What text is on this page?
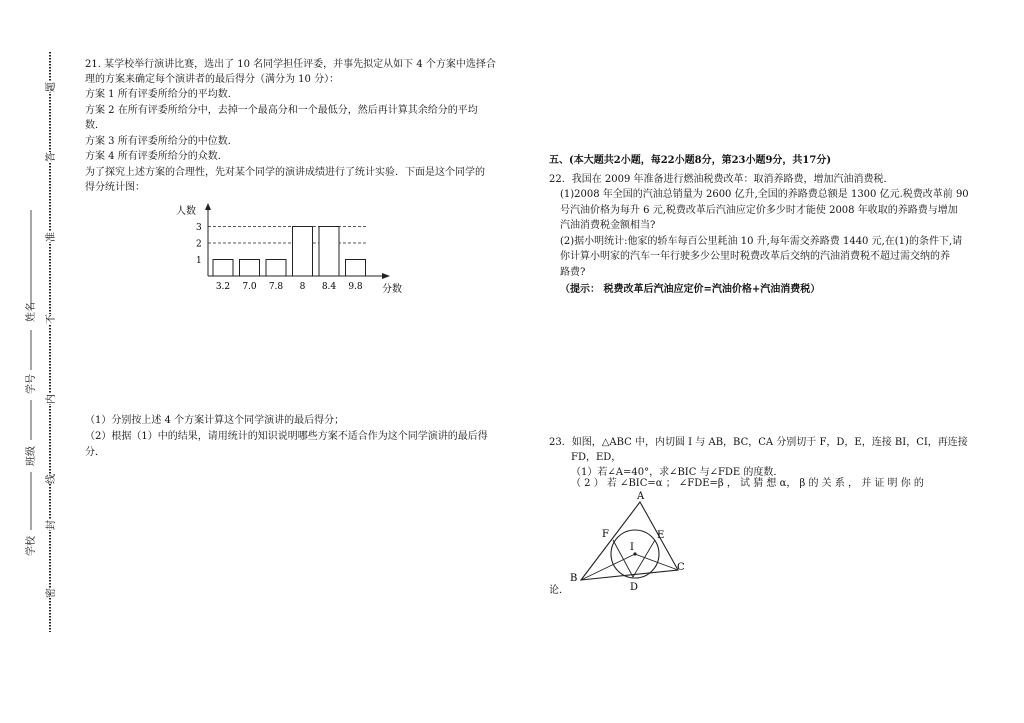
题
答
准
不
内
线
封
密
学校
班级
学号
姓名
21. 某学校举行演讲比赛，选出了 10 名同学担任评委，并事先拟定从如下 4 个方案中选择合
理的方案来确定每个演讲者的最后得分（满分为 10 分）：
方案 1 所有评委所给分的平均数．
方案 2 在所有评委所给分中，去掉一个最高分和一个最低分，然后再计算其余给分的平均
数．
方案 3 所有评委所给分的中位数．
方案 4 所有评委所给分的众数．
为了探究上述方案的合理性，先对某个同学的演讲成绩进行了统计实验．下面是这个同学的
得分统计图：
人数
分数
1
2
3
3.2 7.0 7.8 8 8.4 9.8
（1）分别按上述 4 个方案计算这个同学演讲的最后得分；
（2）根据（1）中的结果，请用统计的知识说明哪些方案不适合作为这个同学演讲的最后得
分．
五、(本大题共2小题，每22小题8分，第23小题9分，共17分)
22．我国在 2009 年准备进行燃油税费改革：取消养路费，增加汽油消费税．
(1)2008 年全国的汽油总销量为 2600 亿升,全国的养路费总额是 1300 亿元.税费改革前 90
号汽油价格为每升 6 元,税费改革后汽油应定价多少时才能使 2008 年收取的养路费与增加
汽油消费税金额相当?
(2)据小明统计:他家的轿车每百公里耗油 10 升,每年需交养路费 1440 元,在(1)的条件下,请
你计算小明家的汽车一年行驶多少公里时税费改革后交纳的汽油消费税不超过需交纳的养
路费?
（提示： 税费改革后汽油应定价=汽油价格+汽油消费税）
23．如图，△ABC 中，内切圆 I 与 AB，BC，CA 分别切于 F，D，E，连接 BI，CI，再连接
FD，ED，
（1）若∠A=40°，求∠BIC 与∠FDE 的度数．
（ 2 ） 若 ∠BIC=α ； ∠FDE=β ， 试 猜 想 α， β 的 关 系 ， 并 证 明 你 的
A
B
C
D
E
F
I
论．
